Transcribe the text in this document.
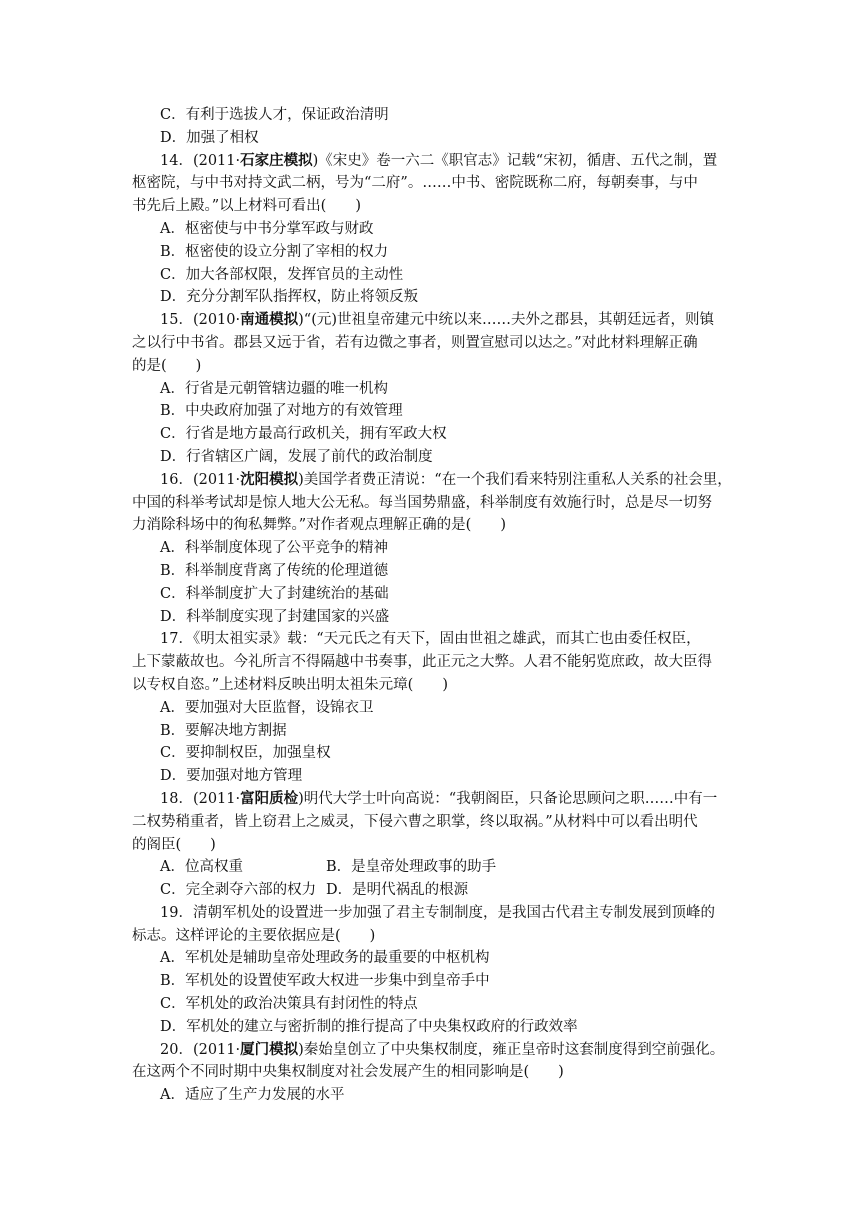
C．有利于选拔人才，保证政治清明
D．加强了相权
14．(2011·石家庄模拟)《宋史》卷一六二《职官志》记载“宋初，循唐、五代之制，置
枢密院，与中书对持文武二柄，号为“二府”。……中书、密院既称二府，每朝奏事，与中
书先后上殿。”以上材料可看出(　　)
A．枢密使与中书分掌军政与财政
B．枢密使的设立分割了宰相的权力
C．加大各部权限，发挥官员的主动性
D．充分分割军队指挥权，防止将领反叛
15．(2010·南通模拟)“(元)世祖皇帝建元中统以来……夫外之郡县，其朝廷远者，则镇
之以行中书省。郡县又远于省，若有边微之事者，则置宣慰司以达之。”对此材料理解正确
的是(　　)
A．行省是元朝管辖边疆的唯一机构
B．中央政府加强了对地方的有效管理
C．行省是地方最高行政机关，拥有军政大权
D．行省辖区广阔，发展了前代的政治制度
16．(2011·沈阳模拟)美国学者费正清说：“在一个我们看来特别注重私人关系的社会里，
中国的科举考试却是惊人地大公无私。每当国势鼎盛，科举制度有效施行时，总是尽一切努
力消除科场中的徇私舞弊。”对作者观点理解正确的是(　　)
A．科举制度体现了公平竞争的精神
B．科举制度背离了传统的伦理道德
C．科举制度扩大了封建统治的基础
D．科举制度实现了封建国家的兴盛
17．《明太祖实录》载：“天元氏之有天下，固由世祖之雄武，而其亡也由委任权臣，
上下蒙蔽故也。今礼所言不得隔越中书奏事，此正元之大弊。人君不能躬览庶政，故大臣得
以专权自恣。”上述材料反映出明太祖朱元璋(　　)
A．要加强对大臣监督，设锦衣卫
B．要解决地方割据
C．要抑制权臣，加强皇权
D．要加强对地方管理
18．(2011·富阳质检)明代大学士叶向高说：“我朝阁臣，只备论思顾问之职……中有一
二权势稍重者，皆上窃君上之威灵，下侵六曹之职掌，终以取祸。”从材料中可以看出明代
的阁臣(　　)
A．位高权重	B．是皇帝处理政事的助手
C．完全剥夺六部的权力 D．是明代祸乱的根源
19．清朝军机处的设置进一步加强了君主专制制度，是我国古代君主专制发展到顶峰的
标志。这样评论的主要依据应是(　　)
A．军机处是辅助皇帝处理政务的最重要的中枢机构
B．军机处的设置使军政大权进一步集中到皇帝手中
C．军机处的政治决策具有封闭性的特点
D．军机处的建立与密折制的推行提高了中央集权政府的行政效率
20．(2011·厦门模拟)秦始皇创立了中央集权制度，雍正皇帝时这套制度得到空前强化。
在这两个不同时期中央集权制度对社会发展产生的相同影响是(　　)
A．适应了生产力发展的水平
